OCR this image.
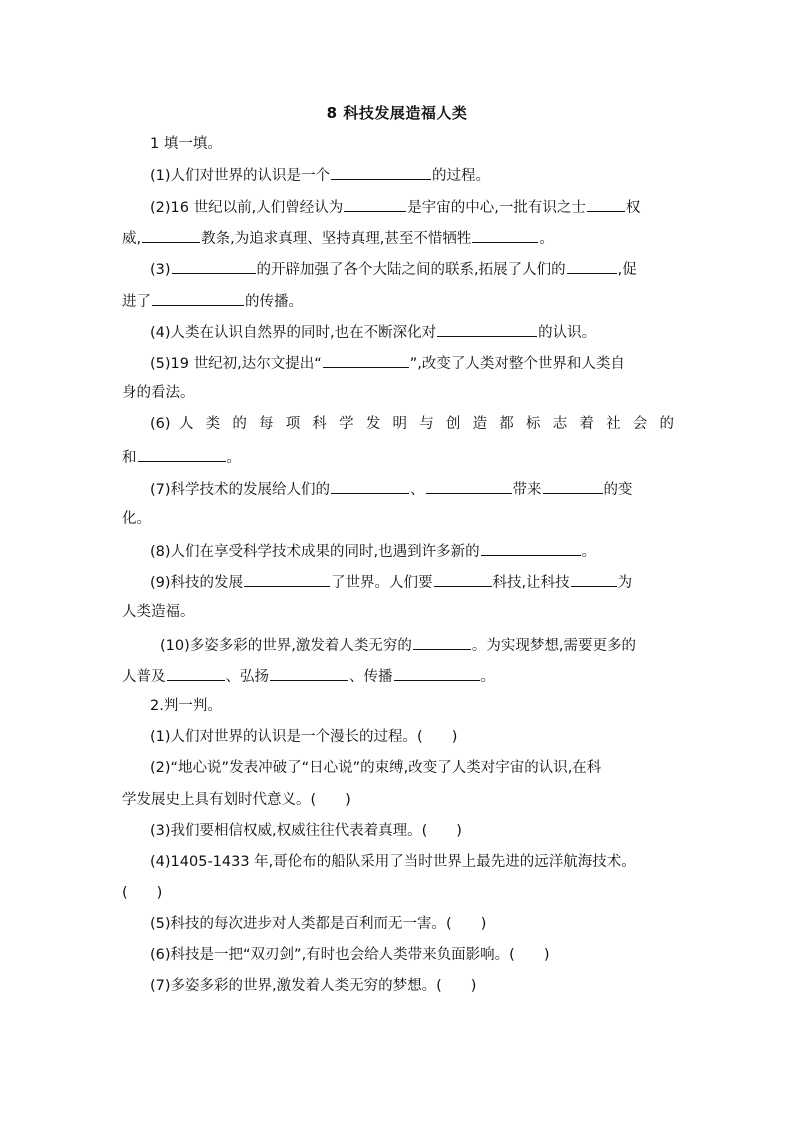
8 科技发展造福人类
1 填一填。
(1)人们对世界的认识是一个	的过程。
(2)16 世纪以前,人们曾经认为	是宇宙的中心,一批有识之士	权
威,	教条,为追求真理、坚持真理,甚至不惜牺牲	。
(3)	的开辟加强了各个大陆之间的联系,拓展了人们的	,促
进了	的传播。
(4)人类在认识自然界的同时,也在不断深化对	的认识。
(5)19 世纪初,达尔文提出“	”,改变了人类对整个世界和人类自
身的看法。
(6) 人 类 的 每 项 科 学 发 明 与 创 造 都 标 志 着 社 会 的
和	。
(7)科学技术的发展给人们的	、	带来	的变
化。
(8)人们在享受科学技术成果的同时,也遇到许多新的	。
(9)科技的发展	了世界。人们要	科技,让科技	为
人类造福。
(10)多姿多彩的世界,激发着人类无穷的	。为实现梦想,需要更多的
人普及	、弘扬	、传播	。
2.判一判。
(1)人们对世界的认识是一个漫长的过程。(　　)
(2)“地心说”发表冲破了“日心说”的束缚,改变了人类对宇宙的认识,在科
学发展史上具有划时代意义。(　　)
(3)我们要相信权威,权威往往代表着真理。(　　)
(4)1405-1433 年,哥伦布的船队采用了当时世界上最先进的远洋航海技术。
(　　)
(5)科技的每次进步对人类都是百利而无一害。(　　)
(6)科技是一把“双刃剑”,有时也会给人类带来负面影响。(　　)
(7)多姿多彩的世界,激发着人类无穷的梦想。(　　)
